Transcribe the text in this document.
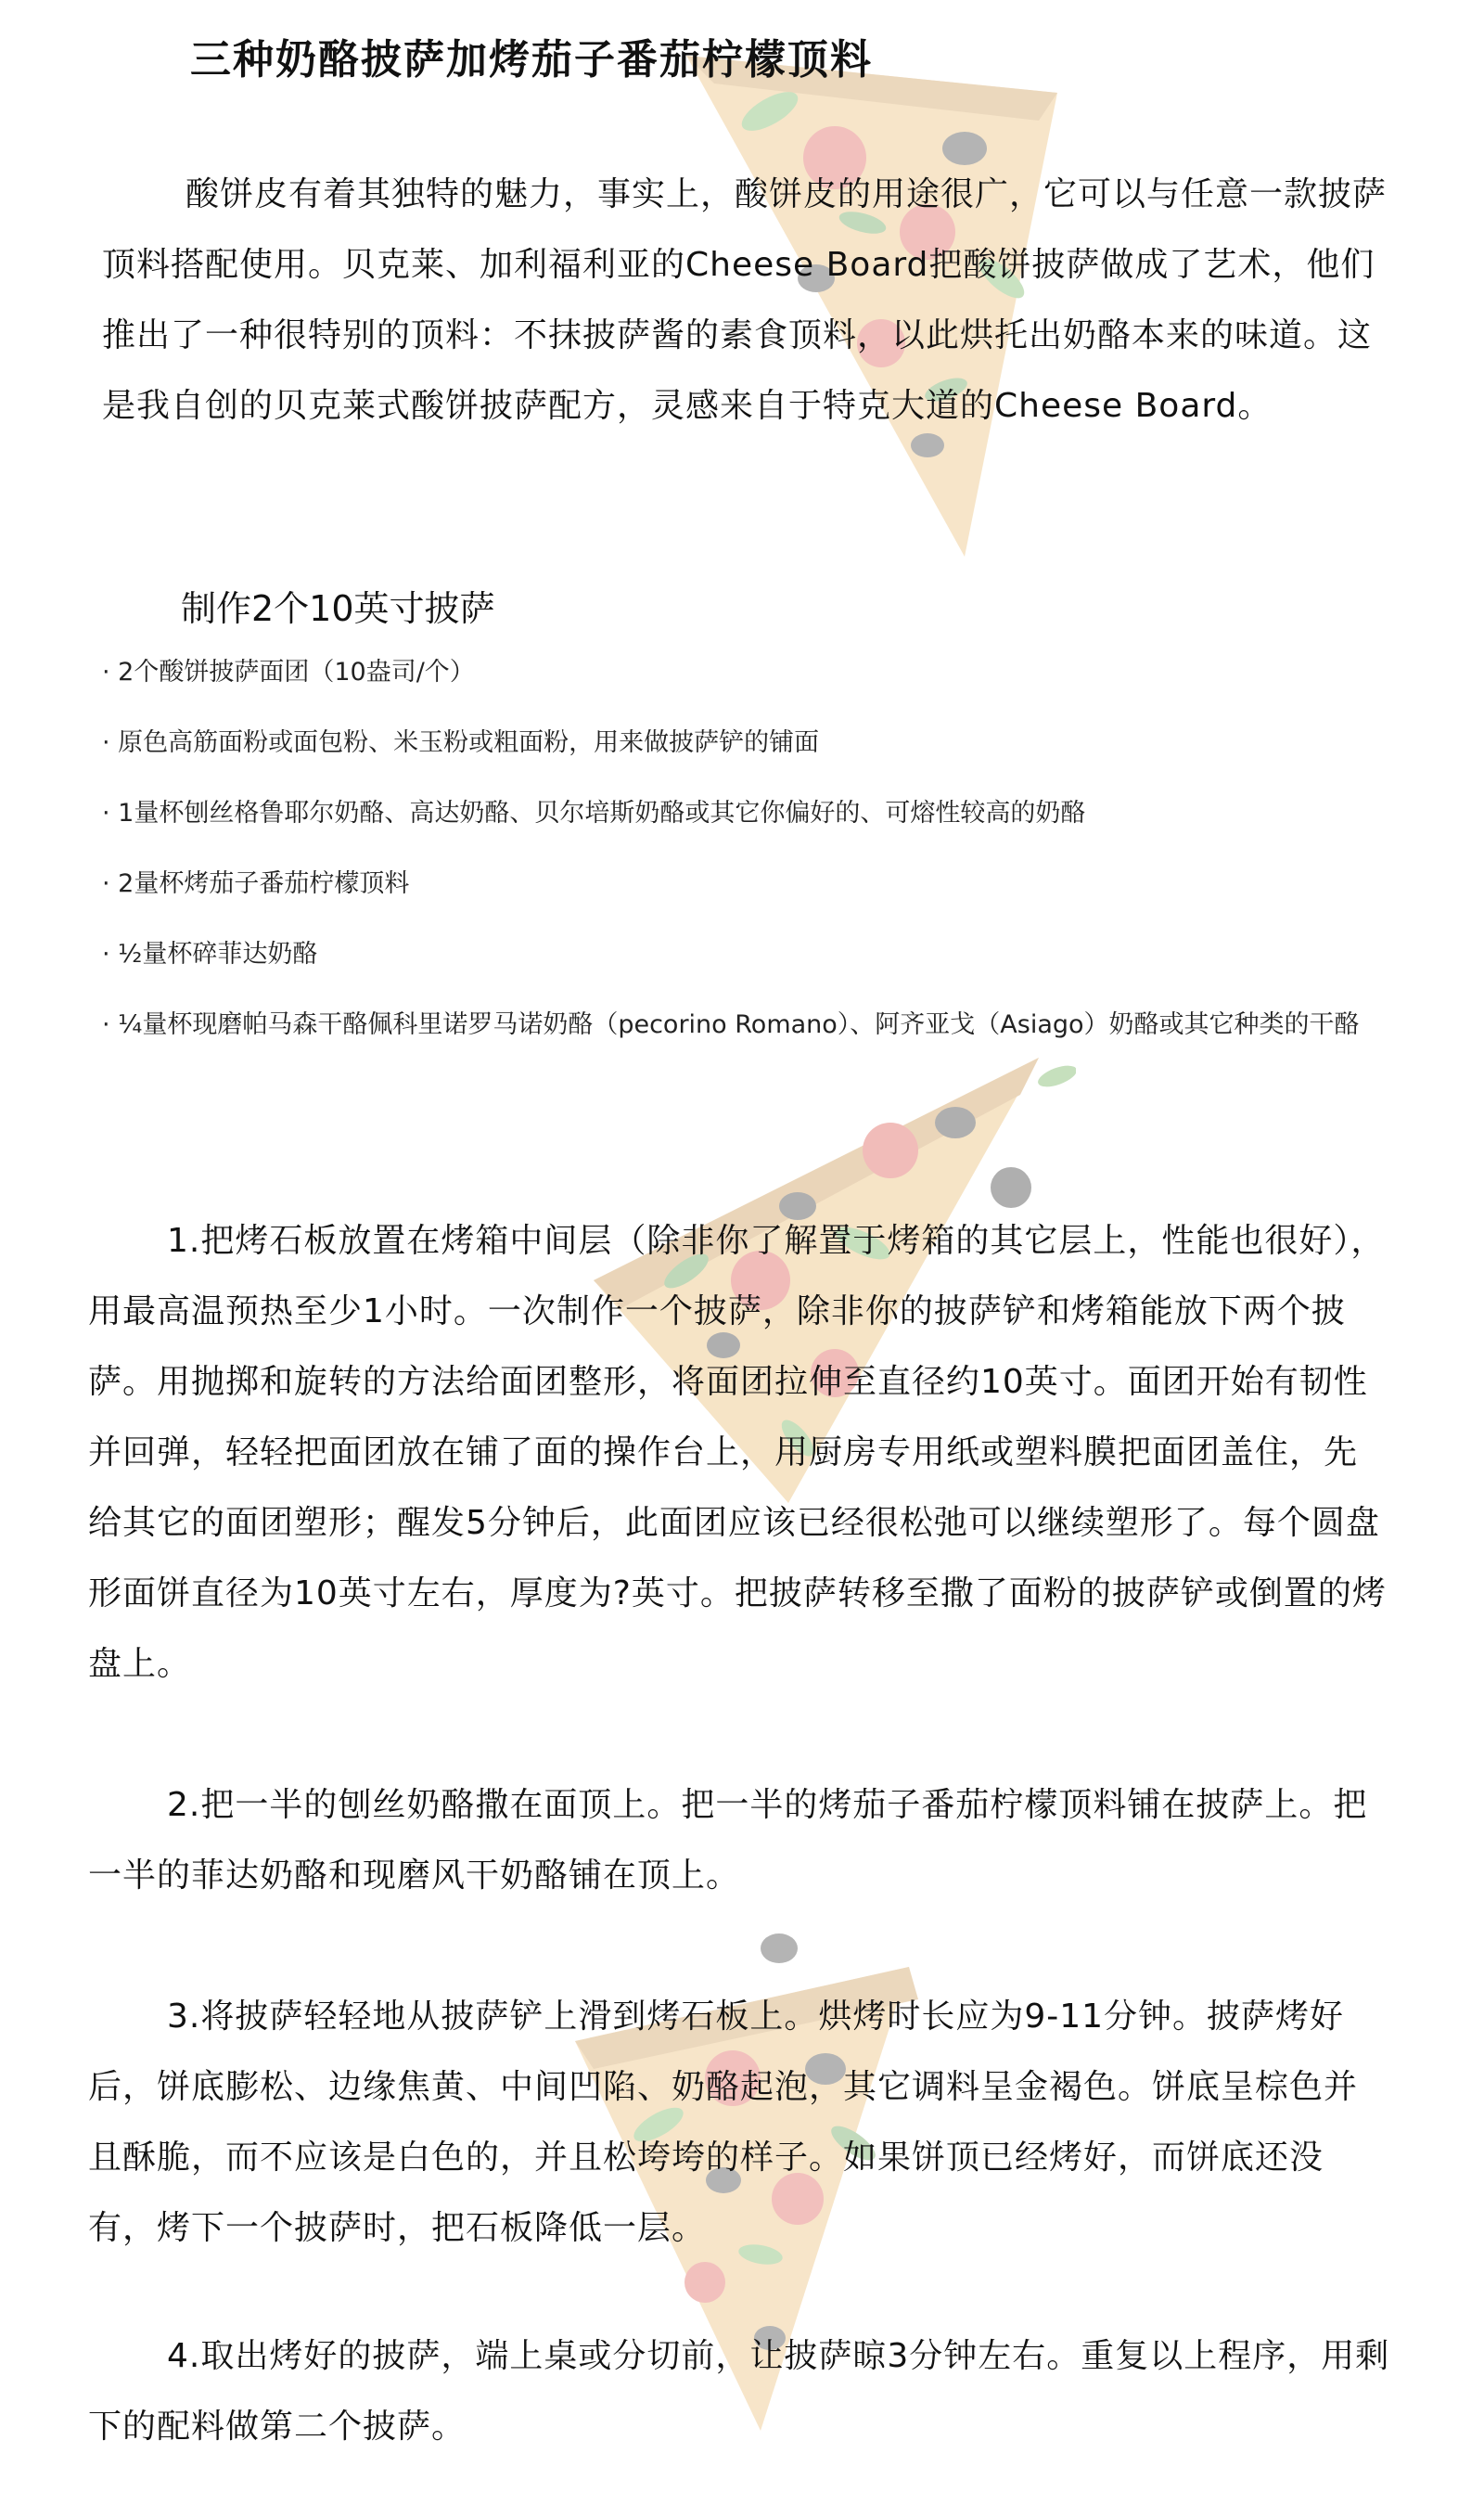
三种奶酪披萨加烤茄子番茄柠檬顶料
酸饼皮有着其独特的魅力，事实上，酸饼皮的用途很广，它可以与任意一款披萨顶料搭配使用。贝克莱、加利福利亚的Cheese Board把酸饼披萨做成了艺术，他们推出了一种很特别的顶料：不抹披萨酱的素食顶料，以此烘托出奶酪本来的味道。这是我自创的贝克莱式酸饼披萨配方，灵感来自于特克大道的Cheese Board。
制作2个10英寸披萨
· 2个酸饼披萨面团（10盎司/个）
· 原色高筋面粉或面包粉、米玉粉或粗面粉，用来做披萨铲的铺面
· 1量杯刨丝格鲁耶尔奶酪、高达奶酪、贝尔培斯奶酪或其它你偏好的、可熔性较高的奶酪
· 2量杯烤茄子番茄柠檬顶料
· ½量杯碎菲达奶酪
· ¼量杯现磨帕马森干酪佩科里诺罗马诺奶酪（pecorino Romano）、阿齐亚戈（Asiago）奶酪或其它种类的干酪
1.把烤石板放置在烤箱中间层（除非你了解置于烤箱的其它层上，性能也很好），用最高温预热至少1小时。一次制作一个披萨，除非你的披萨铲和烤箱能放下两个披萨。用抛掷和旋转的方法给面团整形，将面团拉伸至直径约10英寸。面团开始有韧性并回弹，轻轻把面团放在铺了面的操作台上，用厨房专用纸或塑料膜把面团盖住，先给其它的面团塑形；醒发5分钟后，此面团应该已经很松弛可以继续塑形了。每个圆盘形面饼直径为10英寸左右，厚度为?英寸。把披萨转移至撒了面粉的披萨铲或倒置的烤盘上。
2.把一半的刨丝奶酪撒在面顶上。把一半的烤茄子番茄柠檬顶料铺在披萨上。把一半的菲达奶酪和现磨风干奶酪铺在顶上。
3.将披萨轻轻地从披萨铲上滑到烤石板上。烘烤时长应为9-11分钟。披萨烤好后，饼底膨松、边缘焦黄、中间凹陷、奶酪起泡，其它调料呈金褐色。饼底呈棕色并且酥脆，而不应该是白色的，并且松垮垮的样子。如果饼顶已经烤好，而饼底还没有，烤下一个披萨时，把石板降低一层。
4.取出烤好的披萨，端上桌或分切前，让披萨晾3分钟左右。重复以上程序，用剩下的配料做第二个披萨。
